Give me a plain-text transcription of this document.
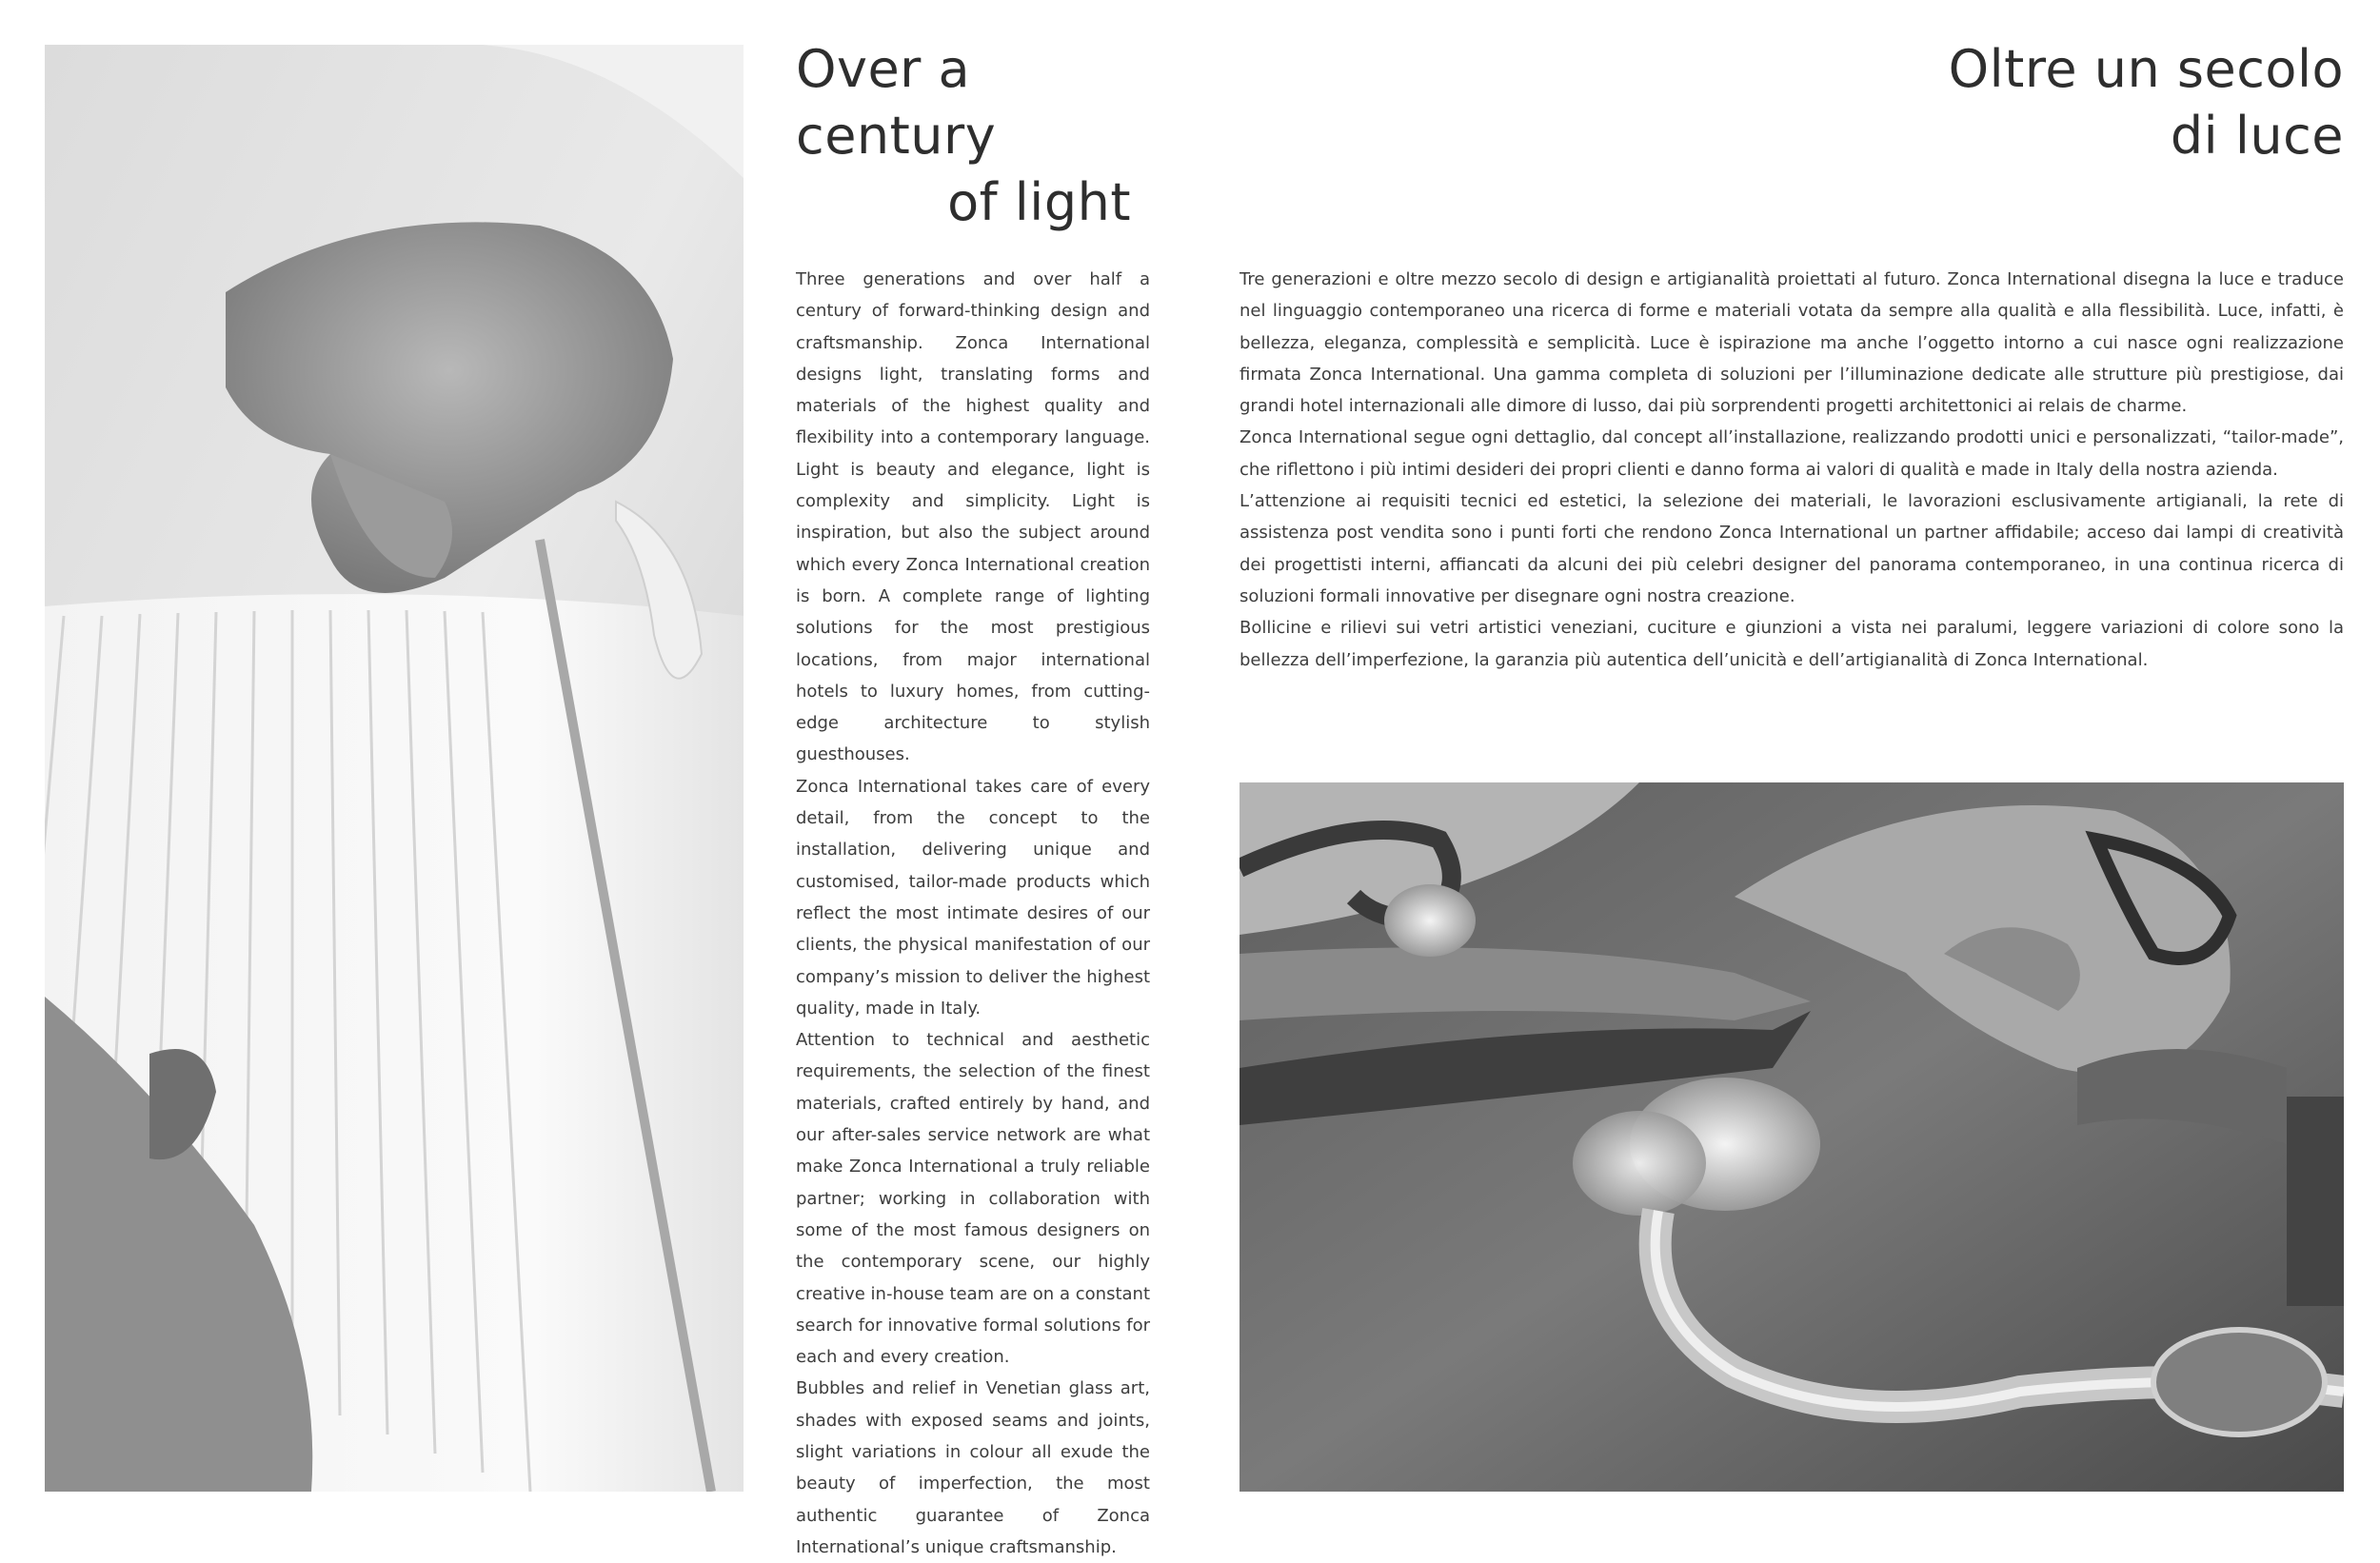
Over a century
of light
Oltre un secolo
di luce

Three generations and over half a century of forward-thinking design and craftsmanship. Zonca International designs light, translating forms and materials of the highest quality and flexibility into a contemporary language. Light is beauty and elegance, light is complexity and simplicity. Light is inspiration, but also the subject around which every Zonca International creation is born. A complete range of lighting solutions for the most prestigious locations, from major international hotels to luxury homes, from cutting-edge architecture to stylish guesthouses.

Zonca International takes care of every detail, from the concept to the installation, delivering unique and customised, tailor-made products which reflect the most intimate desires of our clients, the physical manifestation of our company’s mission to deliver the highest quality, made in Italy.

Attention to technical and aesthetic requirements, the selection of the finest materials, crafted entirely by hand, and our after-sales service network are what make Zonca International a truly reliable partner; working in collaboration with some of the most famous designers on the contemporary scene, our highly creative in-house team are on a constant search for innovative formal solutions for each and every creation.

Bubbles and relief in Venetian glass art, shades with exposed seams and joints, slight variations in colour all exude the beauty of imperfection, the most authentic guarantee of Zonca International’s unique craftsmanship.

Tre generazioni e oltre mezzo secolo di design e artigianalità proiettati al futuro. Zonca International disegna la luce e traduce nel linguaggio contemporaneo una ricerca di forme e materiali votata da sempre alla qualità e alla flessibilità. Luce, infatti, è bellezza, eleganza, complessità e semplicità. Luce è ispirazione ma anche l’oggetto intorno a cui nasce ogni realizzazione firmata Zonca International. Una gamma completa di soluzioni per l’illuminazione dedicate alle strutture più prestigiose, dai grandi hotel internazionali alle dimore di lusso, dai più sorprendenti progetti architettonici ai relais de charme.

Zonca International segue ogni dettaglio, dal concept all’installazione, realizzando prodotti unici e personalizzati, “tailor-made”, che riflettono i più intimi desideri dei propri clienti e danno forma ai valori di qualità e made in Italy della nostra azienda.

L’attenzione ai requisiti tecnici ed estetici, la selezione dei materiali, le lavorazioni esclusivamente artigianali, la rete di assistenza post vendita sono i punti forti che rendono Zonca International un partner affidabile; acceso dai lampi di creatività dei progettisti interni, affiancati da alcuni dei più celebri designer del panorama contemporaneo, in una continua ricerca di soluzioni formali innovative per disegnare ogni nostra creazione.

Bollicine e rilievi sui vetri artistici veneziani, cuciture e giunzioni a vista nei paralumi, leggere variazioni di colore sono la bellezza dell’imperfezione, la garanzia più autentica dell’unicità e dell’artigianalità di Zonca International.
